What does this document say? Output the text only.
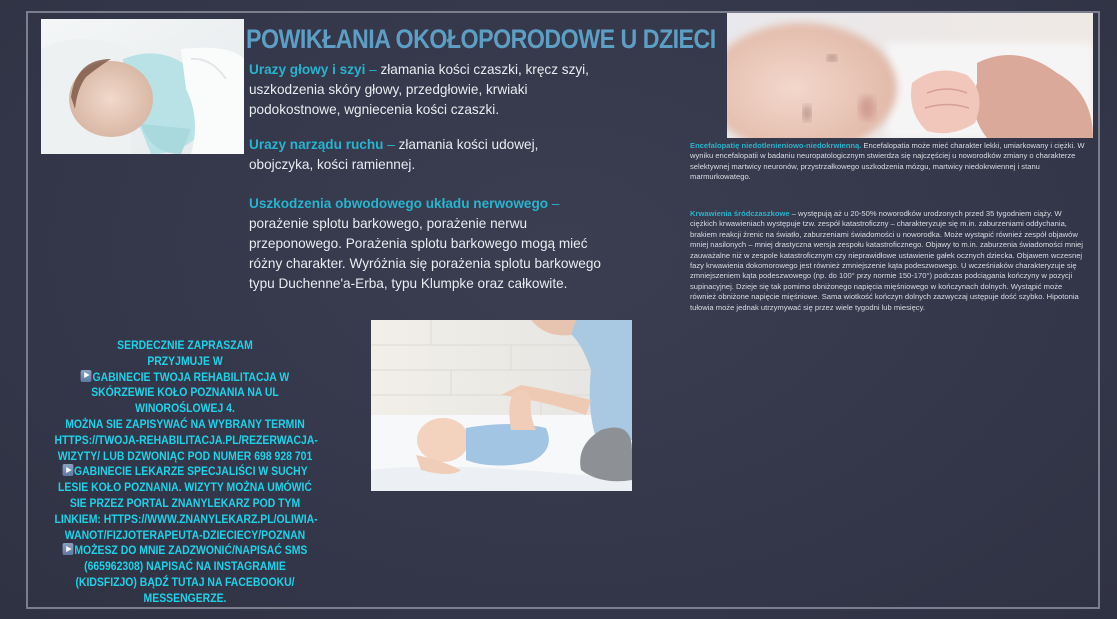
POWIKŁANIA OKOŁOPORODOWE U DZIECI
Urazy głowy i szyi – złamania kości czaszki, kręcz szyi, uszkodzenia skóry głowy, przedgłowie, krwiaki podokostnowe, wgniecenia kości czaszki.
Urazy narządu ruchu – złamania kości udowej, obojczyka, kości ramiennej.
Uszkodzenia obwodowego układu nerwowego – porażenie splotu barkowego, porażenie nerwu przeponowego. Porażenia splotu barkowego mogą mieć różny charakter. Wyróżnia się porażenia splotu barkowego typu Duchenne'a-Erba, typu Klumpke oraz całkowite.
Encefalopatię niedotlenieniowo-niedokrwienną. Encefalopatia może mieć charakter lekki, umiarkowany i ciężki. W wyniku encefalopatii w badaniu neuropatologicznym stwierdza się najczęściej u noworodków zmiany o charakterze selektywnej martwicy neuronów, przystrzałkowego uszkodzenia mózgu, martwicy niedokrwiennej i stanu marmurkowatego.
Krwawienia śródczaszkowe – występują aż u 20-50% noworodków urodzonych przed 35 tygodniem ciąży. W ciężkich krwawieniach występuje tzw. zespół katastroficzny – charakteryzuje się m.in. zaburzeniami oddychania, brakiem reakcji źrenic na światło, zaburzeniami świadomości u noworodka. Może wystąpić również zespół objawów mniej nasilonych – mniej drastyczna wersja zespołu katastroficznego. Objawy to m.in. zaburzenia świadomości mniej zauważalne niż w zespole katastroficznym czy nieprawidłowe ustawienie gałek ocznych dziecka. Objawem wczesnej fazy krwawienia dokomorowego jest również zmniejszenie kąta podeszwowego. U wcześniaków charakteryzuje się zmniejszeniem kąta podeszwowego (np. do 100° przy normie 150-170°) podczas podciągania kończyny w pozycji supinacyjnej. Dzieje się tak pomimo obniżonego napięcia mięśniowego w kończynach dolnych. Wystąpić może również obniżone napięcie mięśniowe. Sama wiotkość kończyn dolnych zazwyczaj ustępuje dość szybko. Hipotonia tułowia może jednak utrzymywać się przez wiele tygodni lub miesięcy.
SERDECZNIE ZAPRASZAM
PRZYJMUJE W
GABINECIE TWOJA REHABILITACJA W
SKÓRZEWIE KOŁO POZNANIA NA UL
WINOROŚLOWEJ 4.
MOŻNA SIE ZAPISYWAĆ NA WYBRANY TERMIN
HTTPS://TWOJA-REHABILITACJA.PL/REZERWACJA-
WIZYTY/ LUB DZWONIĄC POD NUMER 698 928 701
GABINECIE LEKARZE SPECJALIŚCI W SUCHY
LESIE KOŁO POZNANIA. WIZYTY MOŻNA UMÓWIĆ
SIE PRZEZ PORTAL ZNANYLEKARZ POD TYM
LINKIEM: HTTPS://WWW.ZNANYLEKARZ.PL/OLIWIA-
WANOT/FIZJOTERAPEUTA-DZIECIECY/POZNAN
MOŻESZ DO MNIE ZADZWONIĆ/NAPISAĆ SMS
(665962308) NAPISAĆ NA INSTAGRAMIE
(KIDSFIZJO) BĄDŹ TUTAJ NA FACEBOOKU/
MESSENGERZE.
